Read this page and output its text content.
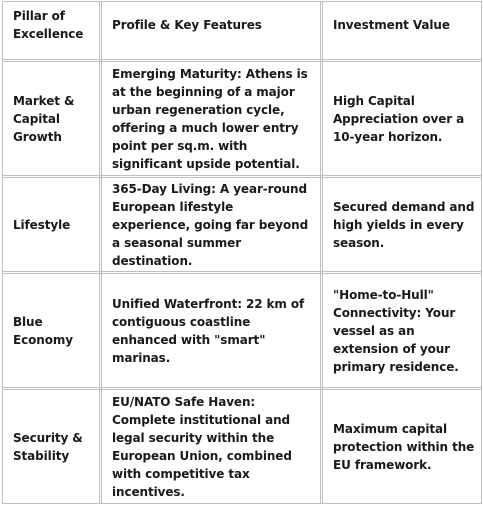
Pillar of Excellence
Profile & Key Features	Investment Value
Market & Capital Growth
Emerging Maturity: Athens is at the beginning of a major urban regeneration cycle, offering a much lower entry point per sq.m. with significant upside potential.
High Capital Appreciation over a 10-year horizon.
Lifestyle
365-Day Living: A year-round European lifestyle experience, going far beyond a seasonal summer destination.
Secured demand and high yields in every season.
Blue Economy
Unified Waterfront: 22 km of contiguous coastline enhanced with "smart" marinas.
"Home-to-Hull" Connectivity: Your vessel as an extension of your primary residence.
Security & Stability
EU/NATO Safe Haven: Complete institutional and legal security within the European Union, combined with competitive tax incentives.
Maximum capital protection within the EU framework.
